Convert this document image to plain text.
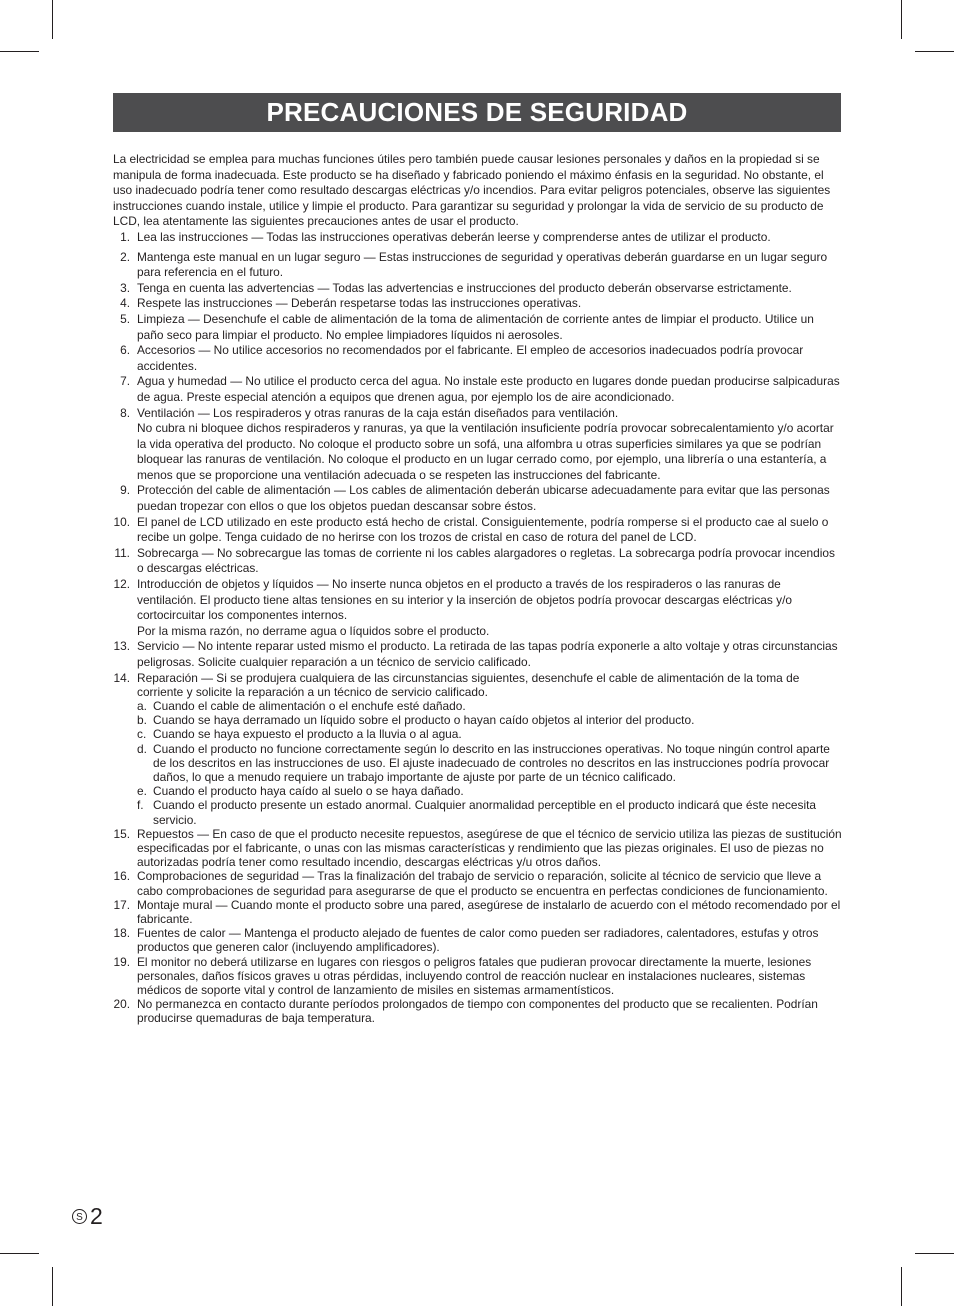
PRECAUCIONES DE SEGURIDAD

La electricidad se emplea para muchas funciones útiles pero también puede causar lesiones personales y daños en la propiedad si se manipula de forma inadecuada. Este producto se ha diseñado y fabricado poniendo el máximo énfasis en la seguridad. No obstante, el uso inadecuado podría tener como resultado descargas eléctricas y/o incendios. Para evitar peligros potenciales, observe las siguientes instrucciones cuando instale, utilice y limpie el producto. Para garantizar su seguridad y prolongar la vida de servicio de su producto de LCD, lea atentamente las siguientes precauciones antes de usar el producto.

1. Lea las instrucciones — Todas las instrucciones operativas deberán leerse y comprenderse antes de utilizar el producto.
2. Mantenga este manual en un lugar seguro — Estas instrucciones de seguridad y operativas deberán guardarse en un lugar seguro para referencia en el futuro.
3. Tenga en cuenta las advertencias — Todas las advertencias e instrucciones del producto deberán observarse estrictamente.
4. Respete las instrucciones — Deberán respetarse todas las instrucciones operativas.
5. Limpieza — Desenchufe el cable de alimentación de la toma de alimentación de corriente antes de limpiar el producto. Utilice un paño seco para limpiar el producto. No emplee limpiadores líquidos ni aerosoles.
6. Accesorios — No utilice accesorios no recomendados por el fabricante. El empleo de accesorios inadecuados podría provocar accidentes.
7. Agua y humedad — No utilice el producto cerca del agua. No instale este producto en lugares donde puedan producirse salpicaduras de agua. Preste especial atención a equipos que drenen agua, por ejemplo los de aire acondicionado.
8. Ventilación — Los respiraderos y otras ranuras de la caja están diseñados para ventilación.
No cubra ni bloquee dichos respiraderos y ranuras, ya que la ventilación insuficiente podría provocar sobrecalentamiento y/o acortar la vida operativa del producto. No coloque el producto sobre un sofá, una alfombra u otras superficies similares ya que se podrían bloquear las ranuras de ventilación. No coloque el producto en un lugar cerrado como, por ejemplo, una librería o una estantería, a menos que se proporcione una ventilación adecuada o se respeten las instrucciones del fabricante.
9. Protección del cable de alimentación — Los cables de alimentación deberán ubicarse adecuadamente para evitar que las personas puedan tropezar con ellos o que los objetos puedan descansar sobre éstos.
10. El panel de LCD utilizado en este producto está hecho de cristal. Consiguientemente, podría romperse si el producto cae al suelo o recibe un golpe. Tenga cuidado de no herirse con los trozos de cristal en caso de rotura del panel de LCD.
11. Sobrecarga — No sobrecargue las tomas de corriente ni los cables alargadores o regletas. La sobrecarga podría provocar incendios o descargas eléctricas.
12. Introducción de objetos y líquidos — No inserte nunca objetos en el producto a través de los respiraderos o las ranuras de ventilación. El producto tiene altas tensiones en su interior y la inserción de objetos podría provocar descargas eléctricas y/o cortocircuitar los componentes internos.
Por la misma razón, no derrame agua o líquidos sobre el producto.
13. Servicio — No intente reparar usted mismo el producto. La retirada de las tapas podría exponerle a alto voltaje y otras circunstancias peligrosas. Solicite cualquier reparación a un técnico de servicio calificado.
14. Reparación — Si se produjera cualquiera de las circunstancias siguientes, desenchufe el cable de alimentación de la toma de corriente y solicite la reparación a un técnico de servicio calificado.
a. Cuando el cable de alimentación o el enchufe esté dañado.
b. Cuando se haya derramado un líquido sobre el producto o hayan caído objetos al interior del producto.
c. Cuando se haya expuesto el producto a la lluvia o al agua.
d. Cuando el producto no funcione correctamente según lo descrito en las instrucciones operativas. No toque ningún control aparte de los descritos en las instrucciones de uso. El ajuste inadecuado de controles no descritos en las instrucciones podría provocar daños, lo que a menudo requiere un trabajo importante de ajuste por parte de un técnico calificado.
e. Cuando el producto haya caído al suelo o se haya dañado.
f. Cuando el producto presente un estado anormal. Cualquier anormalidad perceptible en el producto indicará que éste necesita servicio.
15. Repuestos — En caso de que el producto necesite repuestos, asegúrese de que el técnico de servicio utiliza las piezas de sustitución especificadas por el fabricante, o unas con las mismas características y rendimiento que las piezas originales. El uso de piezas no autorizadas podría tener como resultado incendio, descargas eléctricas y/u otros daños.
16. Comprobaciones de seguridad — Tras la finalización del trabajo de servicio o reparación, solicite al técnico de servicio que lleve a cabo comprobaciones de seguridad para asegurarse de que el producto se encuentra en perfectas condiciones de funcionamiento.
17. Montaje mural — Cuando monte el producto sobre una pared, asegúrese de instalarlo de acuerdo con el método recomendado por el fabricante.
18. Fuentes de calor — Mantenga el producto alejado de fuentes de calor como pueden ser radiadores, calentadores, estufas y otros productos que generen calor (incluyendo amplificadores).
19. El monitor no deberá utilizarse en lugares con riesgos o peligros fatales que pudieran provocar directamente la muerte, lesiones personales, daños físicos graves u otras pérdidas, incluyendo control de reacción nuclear en instalaciones nucleares, sistemas médicos de soporte vital y control de lanzamiento de misiles en sistemas armamentísticos.
20. No permanezca en contacto durante períodos prolongados de tiempo con componentes del producto que se recalienten. Podrían producirse quemaduras de baja temperatura.
S 2
